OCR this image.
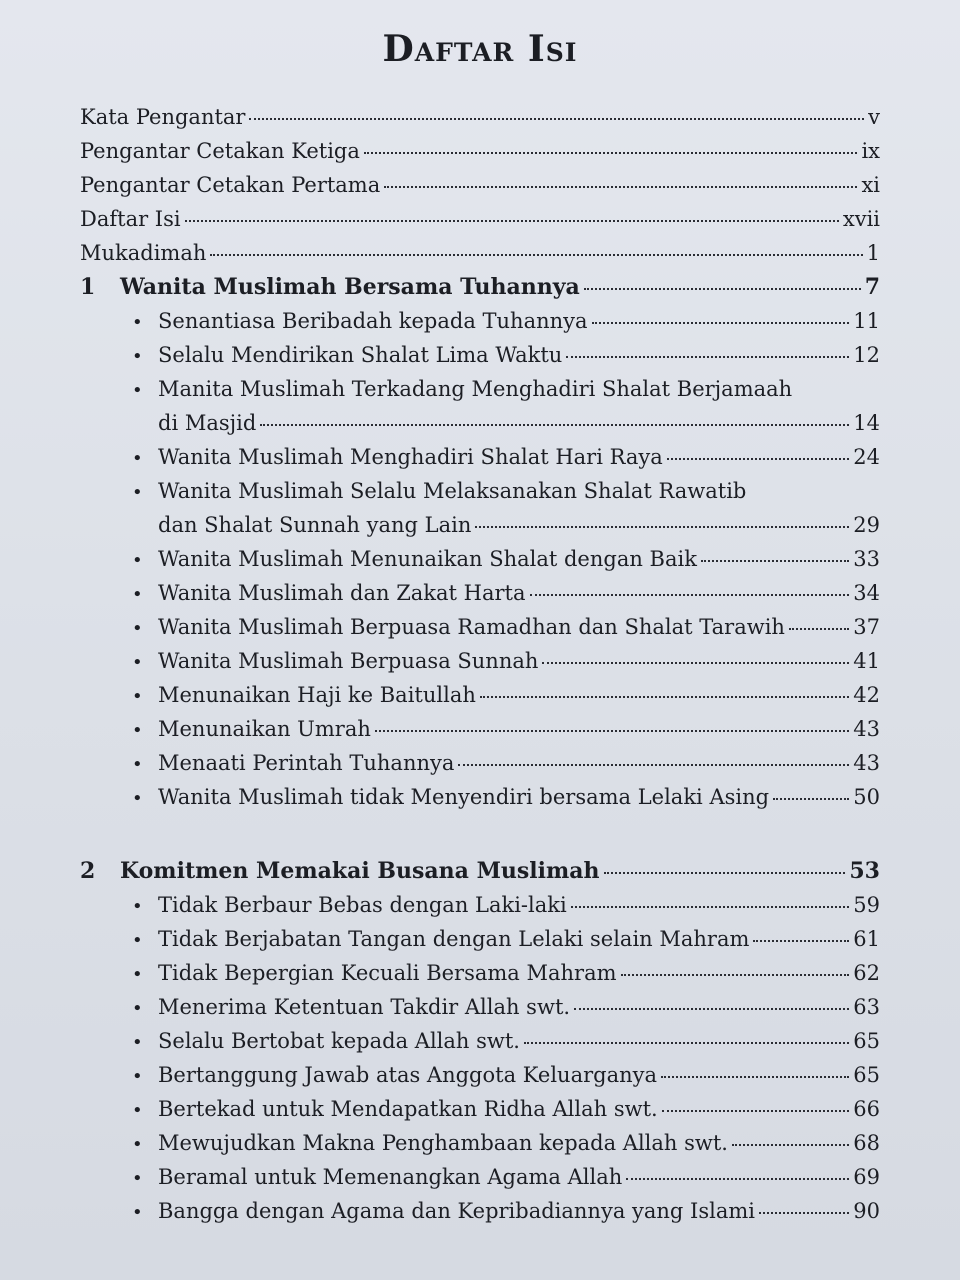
Daftar Isi
Kata Pengantar	v
Pengantar Cetakan Ketiga	ix
Pengantar Cetakan Pertama	xi
Daftar Isi	xvii
Mukadimah	1
1	Wanita Muslimah Bersama Tuhannya	7
• Senantiasa Beribadah kepada Tuhannya	11
• Selalu Mendirikan Shalat Lima Waktu	12
• Manita Muslimah Terkadang Menghadiri Shalat Berjamaah
di Masjid	14
• Wanita Muslimah Menghadiri Shalat Hari Raya	24
• Wanita Muslimah Selalu Melaksanakan Shalat Rawatib
dan Shalat Sunnah yang Lain	29
• Wanita Muslimah Menunaikan Shalat dengan Baik	33
• Wanita Muslimah dan Zakat Harta	34
• Wanita Muslimah Berpuasa Ramadhan dan Shalat Tarawih	37
• Wanita Muslimah Berpuasa Sunnah	41
• Menunaikan Haji ke Baitullah	42
• Menunaikan Umrah	43
• Menaati Perintah Tuhannya	43
• Wanita Muslimah tidak Menyendiri bersama Lelaki Asing	50
2	Komitmen Memakai Busana Muslimah	53
• Tidak Berbaur Bebas dengan Laki-laki	59
• Tidak Berjabatan Tangan dengan Lelaki selain Mahram	61
• Tidak Bepergian Kecuali Bersama Mahram	62
• Menerima Ketentuan Takdir Allah swt.	63
• Selalu Bertobat kepada Allah swt.	65
• Bertanggung Jawab atas Anggota Keluarganya	65
• Bertekad untuk Mendapatkan Ridha Allah swt.	66
• Mewujudkan Makna Penghambaan kepada Allah swt.	68
• Beramal untuk Memenangkan Agama Allah	69
• Bangga dengan Agama dan Kepribadiannya yang Islami	90
